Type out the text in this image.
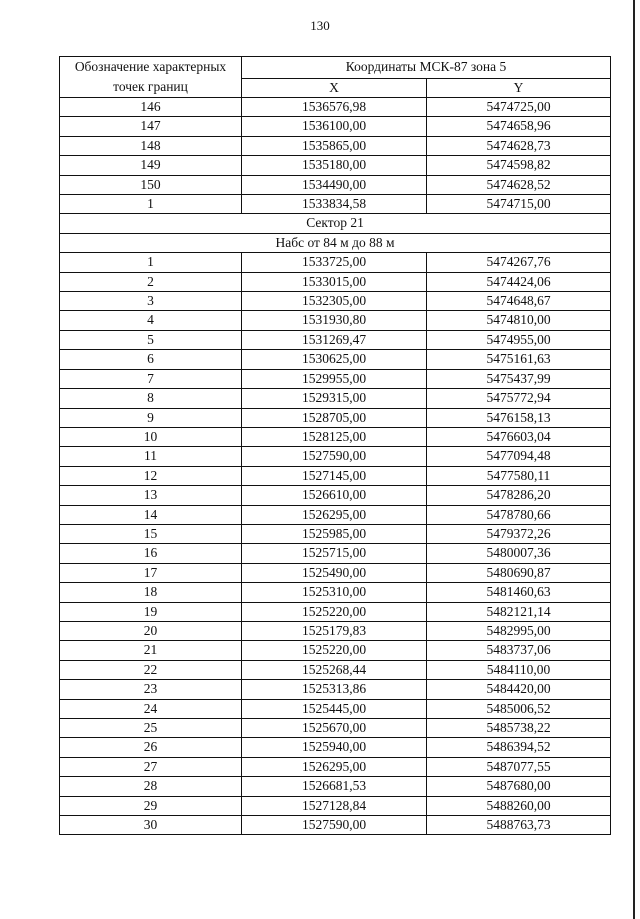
130
Обозначение характерных точек границ	Координаты МСК-87 зона 5	
	X	Y
146	1536576,98	5474725,00
147	1536100,00	5474658,96
148	1535865,00	5474628,73
149	1535180,00	5474598,82
150	1534490,00	5474628,52
1	1533834,58	5474715,00
Сектор 21		
Набс от 84 м до 88 м		
1	1533725,00	5474267,76
2	1533015,00	5474424,06
3	1532305,00	5474648,67
4	1531930,80	5474810,00
5	1531269,47	5474955,00
6	1530625,00	5475161,63
7	1529955,00	5475437,99
8	1529315,00	5475772,94
9	1528705,00	5476158,13
10	1528125,00	5476603,04
11	1527590,00	5477094,48
12	1527145,00	5477580,11
13	1526610,00	5478286,20
14	1526295,00	5478780,66
15	1525985,00	5479372,26
16	1525715,00	5480007,36
17	1525490,00	5480690,87
18	1525310,00	5481460,63
19	1525220,00	5482121,14
20	1525179,83	5482995,00
21	1525220,00	5483737,06
22	1525268,44	5484110,00
23	1525313,86	5484420,00
24	1525445,00	5485006,52
25	1525670,00	5485738,22
26	1525940,00	5486394,52
27	1526295,00	5487077,55
28	1526681,53	5487680,00
29	1527128,84	5488260,00
30	1527590,00	5488763,73
